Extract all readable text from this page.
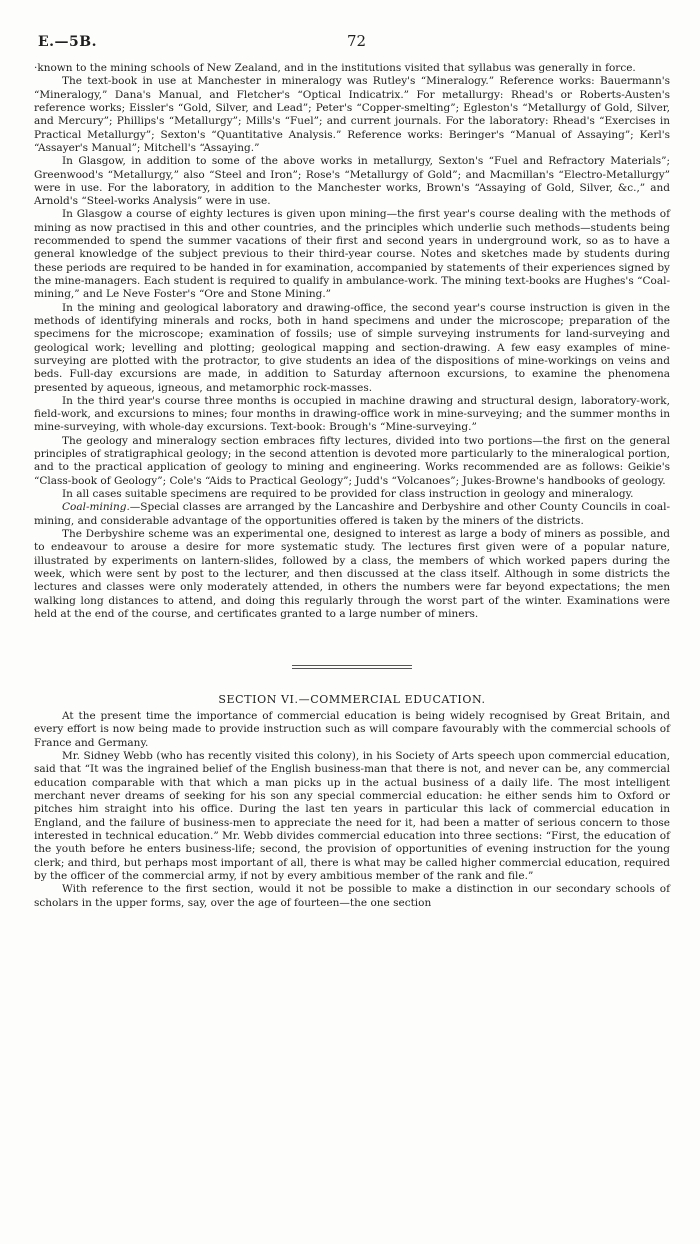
E.—5B.	72

·known to the mining schools of New Zealand, and in the institutions visited that syllabus was generally in force.

The text-book in use at Manchester in mineralogy was Rutley's “Mineralogy.” Reference works: Bauermann's “Mineralogy,” Dana's Manual, and Fletcher's “Optical Indicatrix.” For metallurgy: Rhead's or Roberts-Austen's reference works; Eissler's “Gold, Silver, and Lead”; Peter's “Copper-smelting”; Egleston's “Metallurgy of Gold, Silver, and Mercury”; Phillips's “Metallurgy”; Mills's “Fuel”; and current journals. For the laboratory: Rhead's “Exercises in Practical Metallurgy”; Sexton's “Quantitative Analysis.” Reference works: Beringer's “Manual of Assaying”; Kerl's “Assayer's Manual”; Mitchell's “Assaying.”

In Glasgow, in addition to some of the above works in metallurgy, Sexton's “Fuel and Refractory Materials”; Greenwood's “Metallurgy,” also “Steel and Iron”; Rose's “Metallurgy of Gold”; and Macmillan's “Electro-Metallurgy” were in use. For the laboratory, in addition to the Manchester works, Brown's “Assaying of Gold, Silver, &c.,” and Arnold's “Steel-works Analysis” were in use.

In Glasgow a course of eighty lectures is given upon mining—the first year's course dealing with the methods of mining as now practised in this and other countries, and the principles which underlie such methods—students being recommended to spend the summer vacations of their first and second years in underground work, so as to have a general knowledge of the subject previous to their third-year course. Notes and sketches made by students during these periods are required to be handed in for examination, accompanied by statements of their experiences signed by the mine-managers. Each student is required to qualify in ambulance-work. The mining text-books are Hughes's “Coal-mining,” and Le Neve Foster's “Ore and Stone Mining.”

In the mining and geological laboratory and drawing-office, the second year's course instruction is given in the methods of identifying minerals and rocks, both in hand specimens and under the microscope; preparation of the specimens for the microscope; examination of fossils; use of simple surveying instruments for land-surveying and geological work; levelling and plotting; geological mapping and section-drawing. A few easy examples of mine-surveying are plotted with the protractor, to give students an idea of the dispositions of mine-workings on veins and beds. Full-day excursions are made, in addition to Saturday afternoon excursions, to examine the phenomena presented by aqueous, igneous, and metamorphic rock-masses.

In the third year's course three months is occupied in machine drawing and structural design, laboratory-work, field-work, and excursions to mines; four months in drawing-office work in mine-surveying; and the summer months in mine-surveying, with whole-day excursions. Text-book: Brough's “Mine-surveying.”

The geology and mineralogy section embraces fifty lectures, divided into two portions—the first on the general principles of stratigraphical geology; in the second attention is devoted more particularly to the mineralogical portion, and to the practical application of geology to mining and engineering. Works recommended are as follows: Geikie's “Class-book of Geology”; Cole's “Aids to Practical Geology”; Judd's “Volcanoes”; Jukes-Browne's handbooks of geology.

In all cases suitable specimens are required to be provided for class instruction in geology and mineralogy.

Coal-mining.—Special classes are arranged by the Lancashire and Derbyshire and other County Councils in coal-mining, and considerable advantage of the opportunities offered is taken by the miners of the districts.

The Derbyshire scheme was an experimental one, designed to interest as large a body of miners as possible, and to endeavour to arouse a desire for more systematic study. The lectures first given were of a popular nature, illustrated by experiments on lantern-slides, followed by a class, the members of which worked papers during the week, which were sent by post to the lecturer, and then discussed at the class itself. Although in some districts the lectures and classes were only moderately attended, in others the numbers were far beyond expectations; the men walking long distances to attend, and doing this regularly through the worst part of the winter. Examinations were held at the end of the course, and certificates granted to a large number of miners.

SECTION VI.—COMMERCIAL EDUCATION.

At the present time the importance of commercial education is being widely recognised by Great Britain, and every effort is now being made to provide instruction such as will compare favourably with the commercial schools of France and Germany.

Mr. Sidney Webb (who has recently visited this colony), in his Society of Arts speech upon commercial education, said that “It was the ingrained belief of the English business-man that there is not, and never can be, any commercial education comparable with that which a man picks up in the actual business of a daily life. The most intelligent merchant never dreams of seeking for his son any special commercial education: he either sends him to Oxford or pitches him straight into his office. During the last ten years in particular this lack of commercial education in England, and the failure of business-men to appreciate the need for it, had been a matter of serious concern to those interested in technical education.” Mr. Webb divides commercial education into three sections: “First, the education of the youth before he enters business-life; second, the provision of opportunities of evening instruction for the young clerk; and third, but perhaps most important of all, there is what may be called higher commercial education, required by the officer of the commercial army, if not by every ambitious member of the rank and file.”

With reference to the first section, would it not be possible to make a distinction in our secondary schools of scholars in the upper forms, say, over the age of fourteen—the one section
